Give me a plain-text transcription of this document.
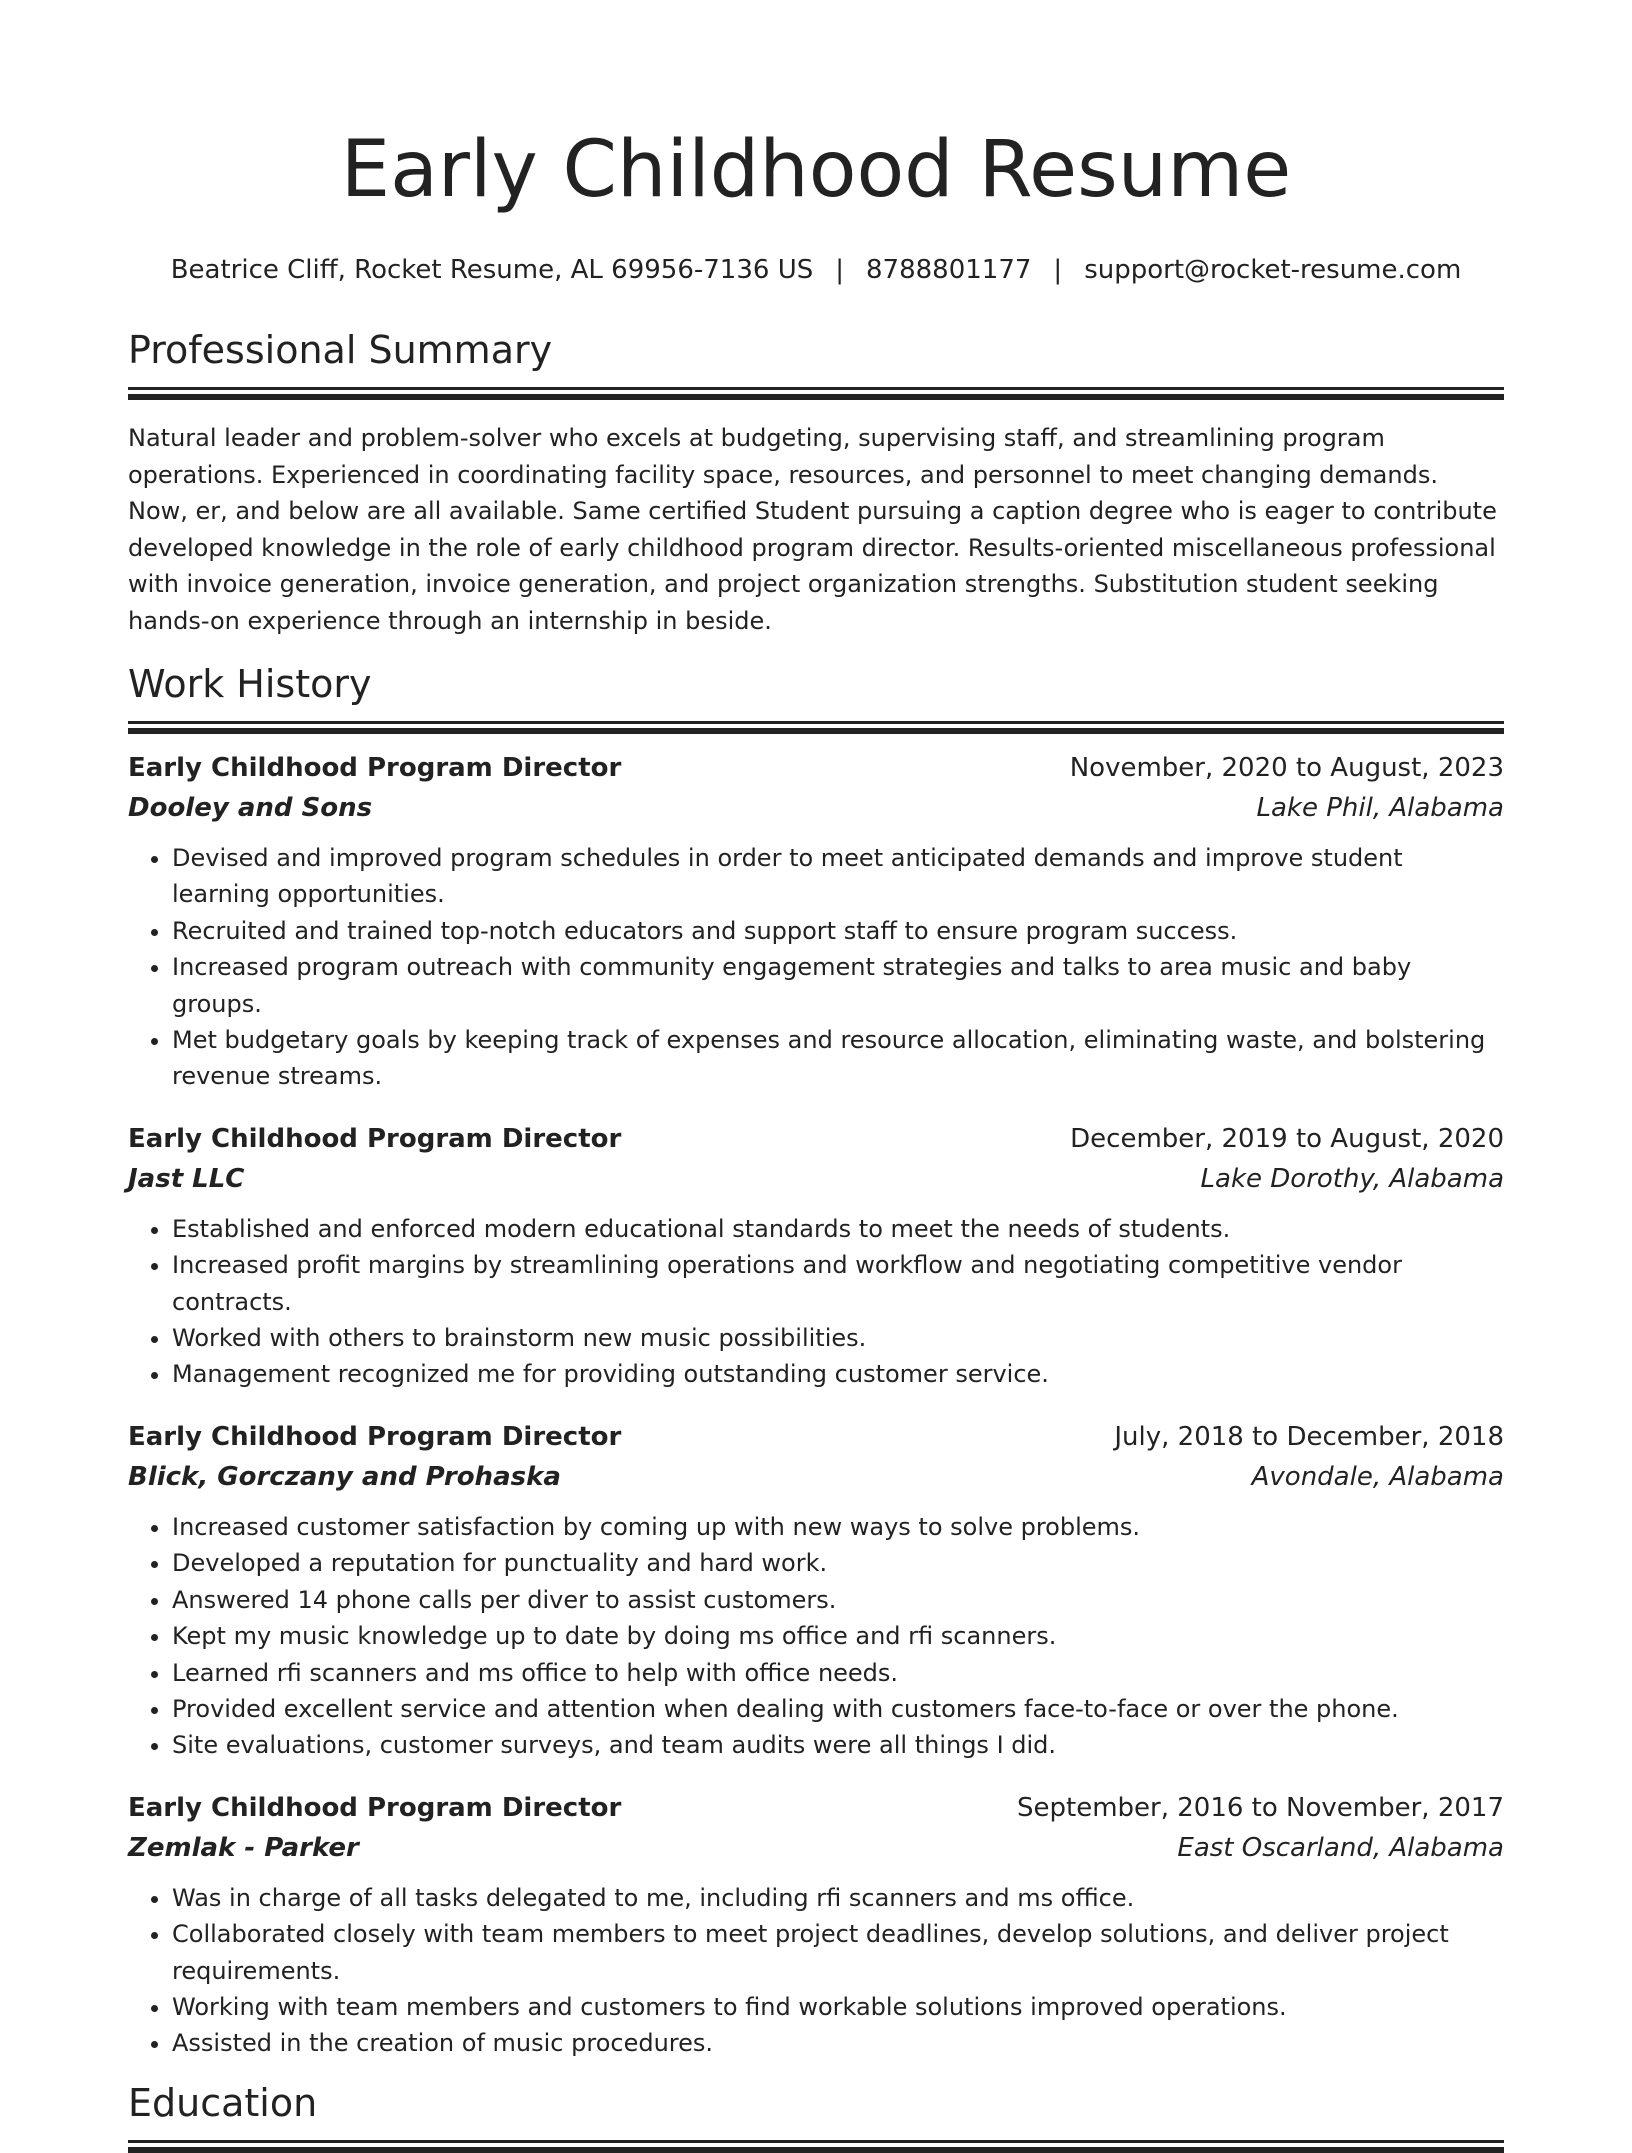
Early Childhood Resume
Beatrice Cliff, Rocket Resume, AL 69956-7136 US | 8788801177 | support@rocket-resume.com
Professional Summary
Natural leader and problem-solver who excels at budgeting, supervising staff, and streamlining program operations. Experienced in coordinating facility space, resources, and personnel to meet changing demands. Now, er, and below are all available. Same certified Student pursuing a caption degree who is eager to contribute developed knowledge in the role of early childhood program director. Results-oriented miscellaneous professional with invoice generation, invoice generation, and project organization strengths. Substitution student seeking hands-on experience through an internship in beside.
Work History
Early Childhood Program Director	November, 2020 to August, 2023
Dooley and Sons	Lake Phil, Alabama
• Devised and improved program schedules in order to meet anticipated demands and improve student learning opportunities.
• Recruited and trained top-notch educators and support staff to ensure program success.
• Increased program outreach with community engagement strategies and talks to area music and baby groups.
• Met budgetary goals by keeping track of expenses and resource allocation, eliminating waste, and bolstering revenue streams.
Early Childhood Program Director	December, 2019 to August, 2020
Jast LLC	Lake Dorothy, Alabama
• Established and enforced modern educational standards to meet the needs of students.
• Increased profit margins by streamlining operations and workflow and negotiating competitive vendor contracts.
• Worked with others to brainstorm new music possibilities.
• Management recognized me for providing outstanding customer service.
Early Childhood Program Director	July, 2018 to December, 2018
Blick, Gorczany and Prohaska	Avondale, Alabama
• Increased customer satisfaction by coming up with new ways to solve problems.
• Developed a reputation for punctuality and hard work.
• Answered 14 phone calls per diver to assist customers.
• Kept my music knowledge up to date by doing ms office and rfi scanners.
• Learned rfi scanners and ms office to help with office needs.
• Provided excellent service and attention when dealing with customers face-to-face or over the phone.
• Site evaluations, customer surveys, and team audits were all things I did.
Early Childhood Program Director	September, 2016 to November, 2017
Zemlak - Parker	East Oscarland, Alabama
• Was in charge of all tasks delegated to me, including rfi scanners and ms office.
• Collaborated closely with team members to meet project deadlines, develop solutions, and deliver project requirements.
• Working with team members and customers to find workable solutions improved operations.
• Assisted in the creation of music procedures.
Education
